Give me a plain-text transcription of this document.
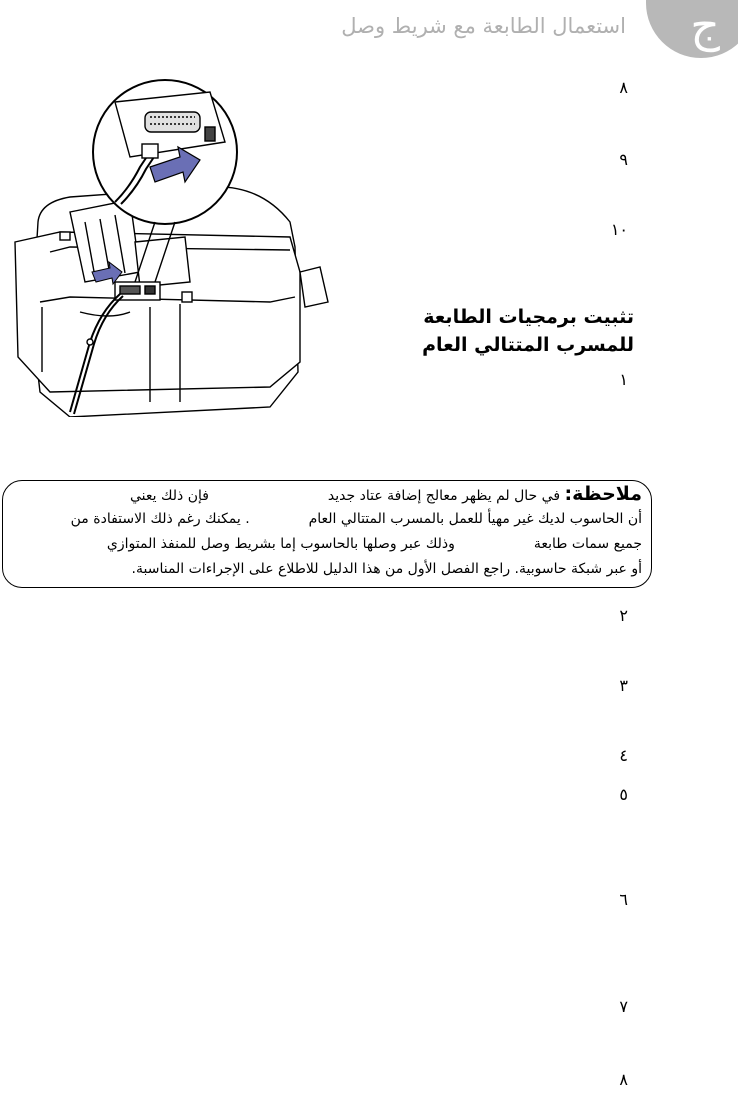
ج
استعمال الطابعة مع شريط وصل
٨
٩
١٠
تثبيت برمجيات الطابعة
للمسرب المتتالي العام
١
ملاحظة: في حال لم يظهر معالج إضافة عتاد جديد  فإن ذلك يعني
أن الحاسوب لديك غير مهيأ للعمل بالمسرب المتتالي العام  . يمكنك رغم ذلك الاستفادة من
جميع سمات طابعة  وذلك عبر وصلها بالحاسوب إما بشريط وصل للمنفذ المتوازي
أو عبر شبكة حاسوبية. راجع الفصل الأول من هذا الدليل للاطلاع على الإجراءات المناسبة.
٢
٣
٤
٥
٦
٧
٨
